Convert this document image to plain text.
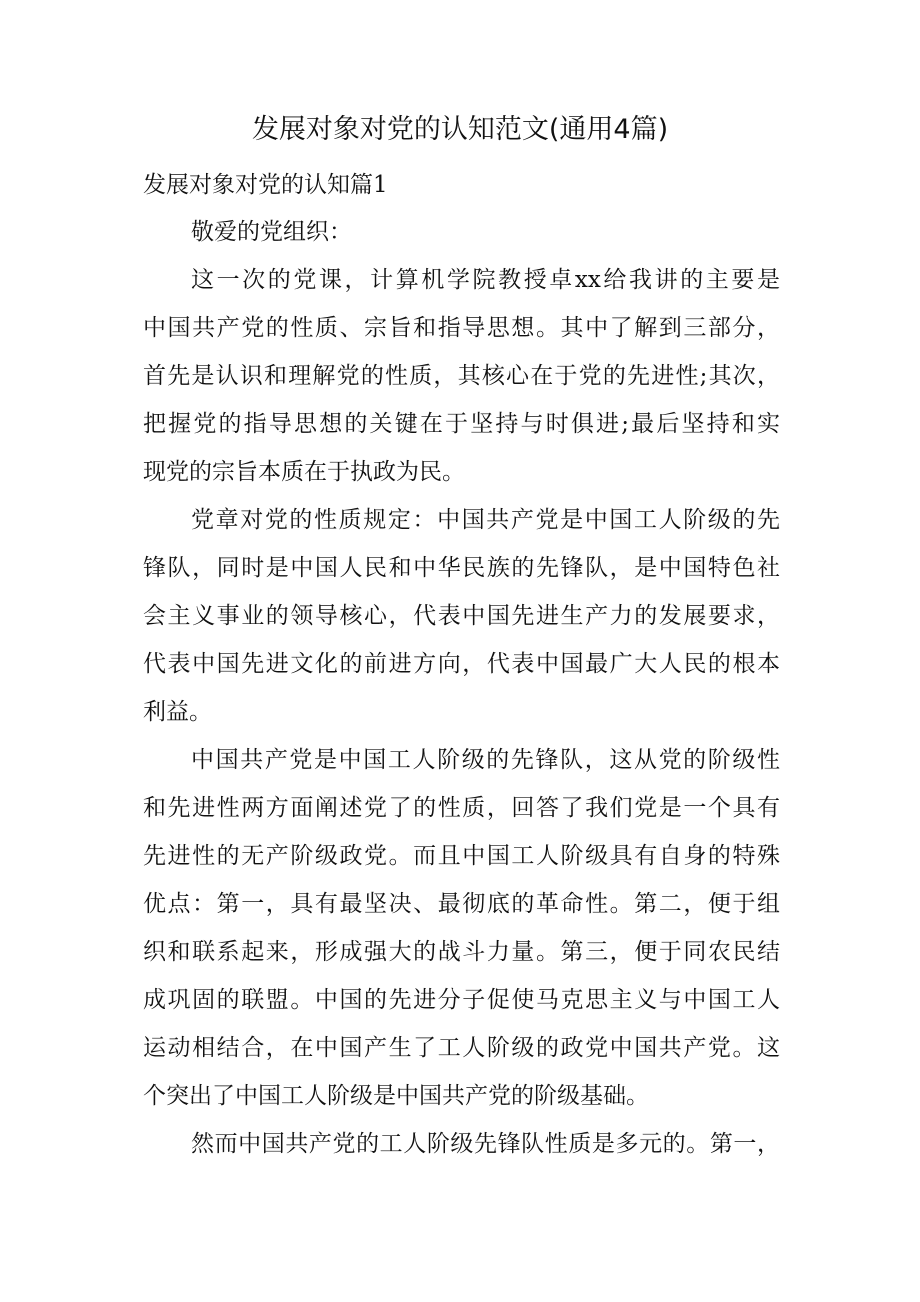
发展对象对党的认知范文(通用4篇)
发展对象对党的认知篇1
敬爱的党组织：
这一次的党课，计算机学院教授卓xx给我讲的主要是
中国共产党的性质、宗旨和指导思想。其中了解到三部分，
首先是认识和理解党的性质，其核心在于党的先进性;其次，
把握党的指导思想的关键在于坚持与时俱进;最后坚持和实
现党的宗旨本质在于执政为民。
党章对党的性质规定：中国共产党是中国工人阶级的先
锋队，同时是中国人民和中华民族的先锋队，是中国特色社
会主义事业的领导核心，代表中国先进生产力的发展要求，
代表中国先进文化的前进方向，代表中国最广大人民的根本
利益。
中国共产党是中国工人阶级的先锋队，这从党的阶级性
和先进性两方面阐述党了的性质，回答了我们党是一个具有
先进性的无产阶级政党。而且中国工人阶级具有自身的特殊
优点：第一，具有最坚决、最彻底的革命性。第二，便于组
织和联系起来，形成强大的战斗力量。第三，便于同农民结
成巩固的联盟。中国的先进分子促使马克思主义与中国工人
运动相结合，在中国产生了工人阶级的政党中国共产党。这
个突出了中国工人阶级是中国共产党的阶级基础。
然而中国共产党的工人阶级先锋队性质是多元的。第一，
